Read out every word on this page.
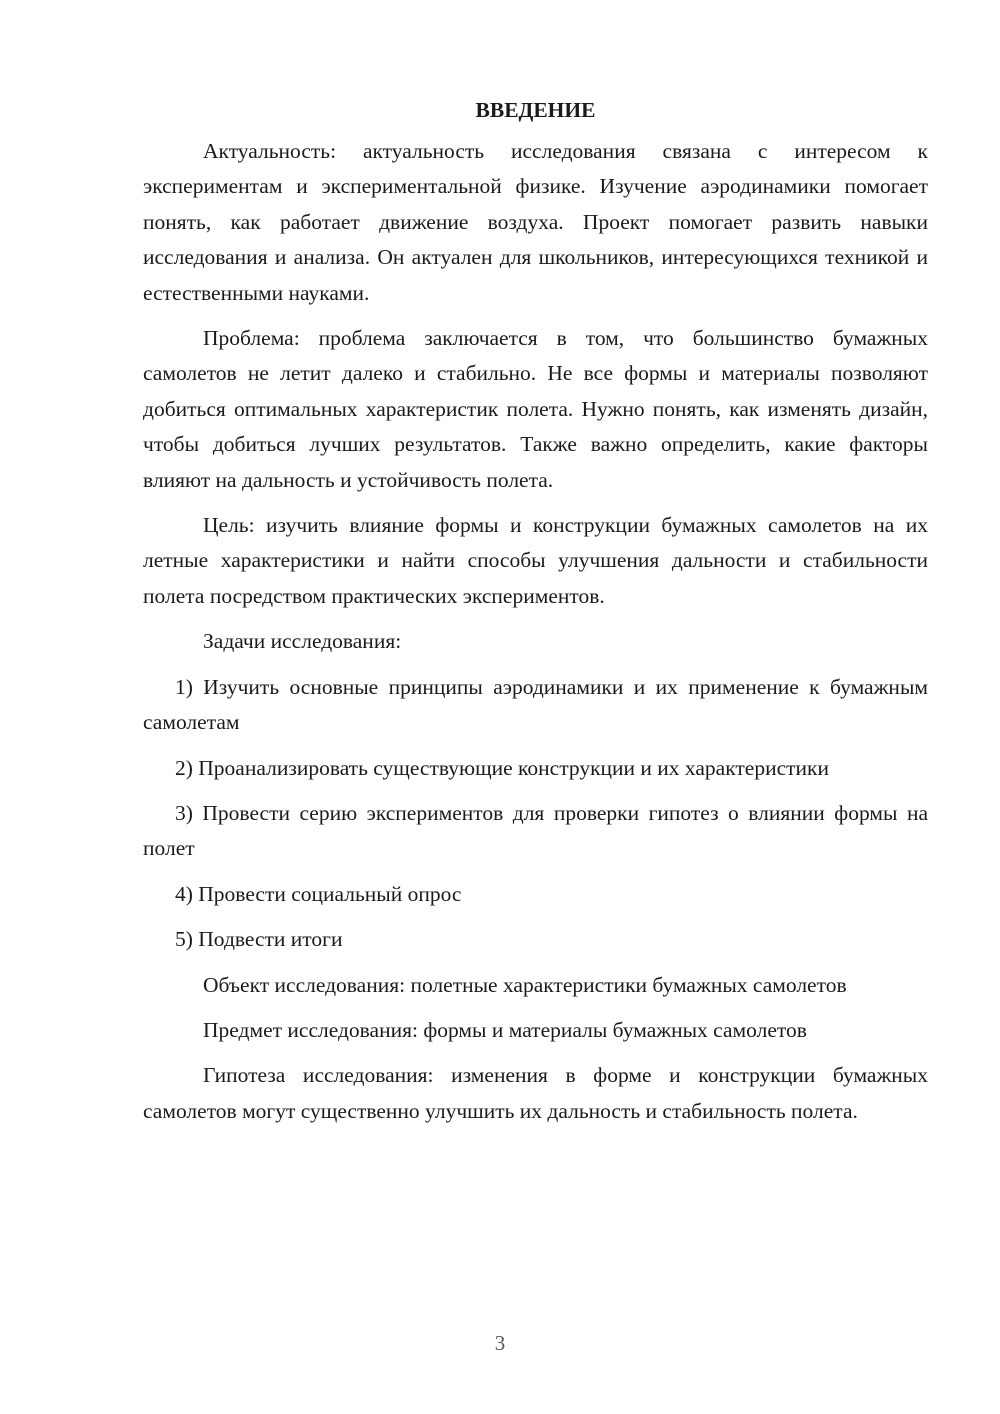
ВВЕДЕНИЕ

Актуальность: актуальность исследования связана с интересом к экспериментам и экспериментальной физике. Изучение аэродинамики помогает понять, как работает движение воздуха. Проект помогает развить навыки исследования и анализа. Он актуален для школьников, интересующихся техникой и естественными науками.

Проблема: проблема заключается в том, что большинство бумажных самолетов не летит далеко и стабильно. Не все формы и материалы позволяют добиться оптимальных характеристик полета. Нужно понять, как изменять дизайн, чтобы добиться лучших результатов. Также важно определить, какие факторы влияют на дальность и устойчивость полета.

Цель: изучить влияние формы и конструкции бумажных самолетов на их летные характеристики и найти способы улучшения дальности и стабильности полета посредством практических экспериментов.

Задачи исследования:

1) Изучить основные принципы аэродинамики и их применение к бумажным самолетам

2) Проанализировать существующие конструкции и их характеристики

3) Провести серию экспериментов для проверки гипотез о влиянии формы на полет

4) Провести социальный опрос

5) Подвести итоги

Объект исследования: полетные характеристики бумажных самолетов

Предмет исследования: формы и материалы бумажных самолетов

Гипотеза исследования: изменения в форме и конструкции бумажных самолетов могут существенно улучшить их дальность и стабильность полета.

3
